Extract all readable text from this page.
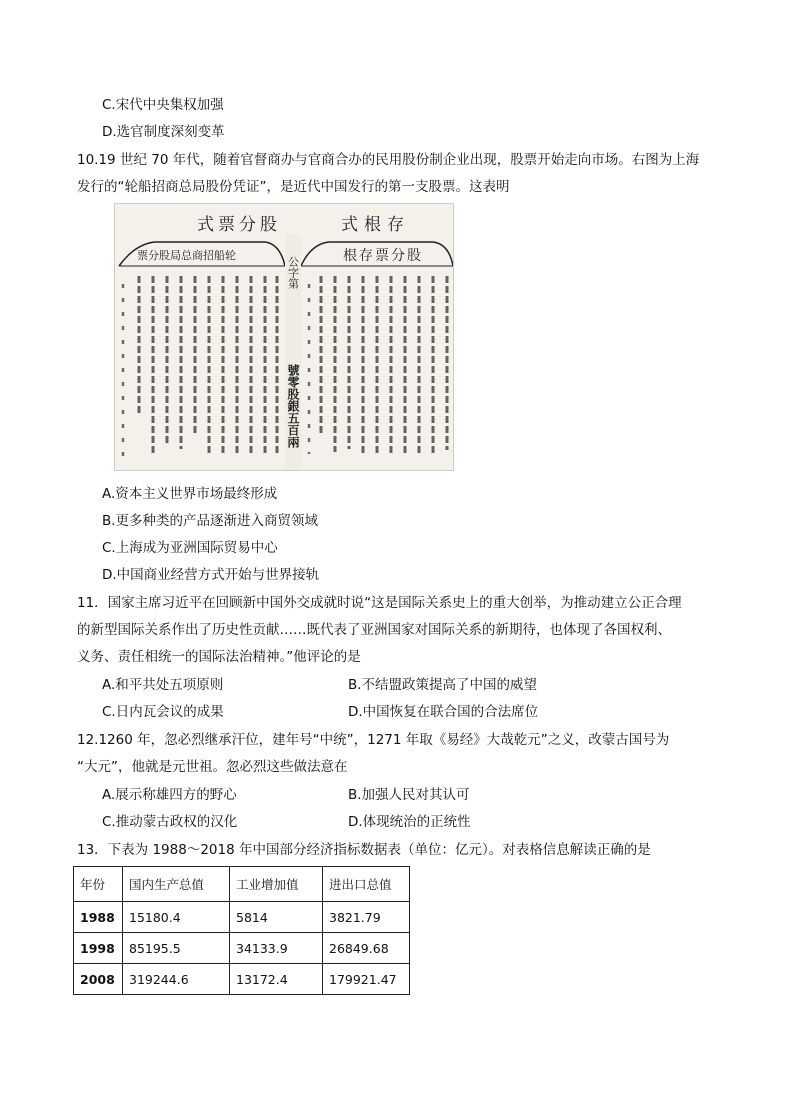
C.宋代中央集权加强
D.选官制度深刻变革
10.19 世纪 70 年代，随着官督商办与官商合办的民用股份制企业出现，股票开始走向市场。右图为上海
发行的“轮船招商总局股份凭证”，是近代中国发行的第一支股票。这表明
式票分股	式根存
票分股局总商招船轮	根存票分股
公字第
號零股銀五百兩
A.资本主义世界市场最终形成
B.更多种类的产品逐渐进入商贸领域
C.上海成为亚洲国际贸易中心
D.中国商业经营方式开始与世界接轨
11．国家主席习近平在回顾新中国外交成就时说“这是国际关系史上的重大创举，为推动建立公正合理
的新型国际关系作出了历史性贡献……既代表了亚洲国家对国际关系的新期待，也体现了各国权利、
义务、责任相统一的国际法治精神。”他评论的是
A.和平共处五项原则	B.不结盟政策提高了中国的威望
C.日内瓦会议的成果	D.中国恢复在联合国的合法席位
12.1260 年，忽必烈继承汗位，建年号“中统”，1271 年取《易经》大哉乾元”之义，改蒙古国号为
“大元”，他就是元世祖。忽必烈这些做法意在
A.展示称雄四方的野心	B.加强人民对其认可
C.推动蒙古政权的汉化	D.体现统治的正统性
13．下表为 1988～2018 年中国部分经济指标数据表（单位：亿元）。对表格信息解读正确的是
年份	国内生产总值	工业增加值	进出口总值
1988	15180.4	5814	3821.79
1998	85195.5	34133.9	26849.68
2008	319244.6	13172.4	179921.47
